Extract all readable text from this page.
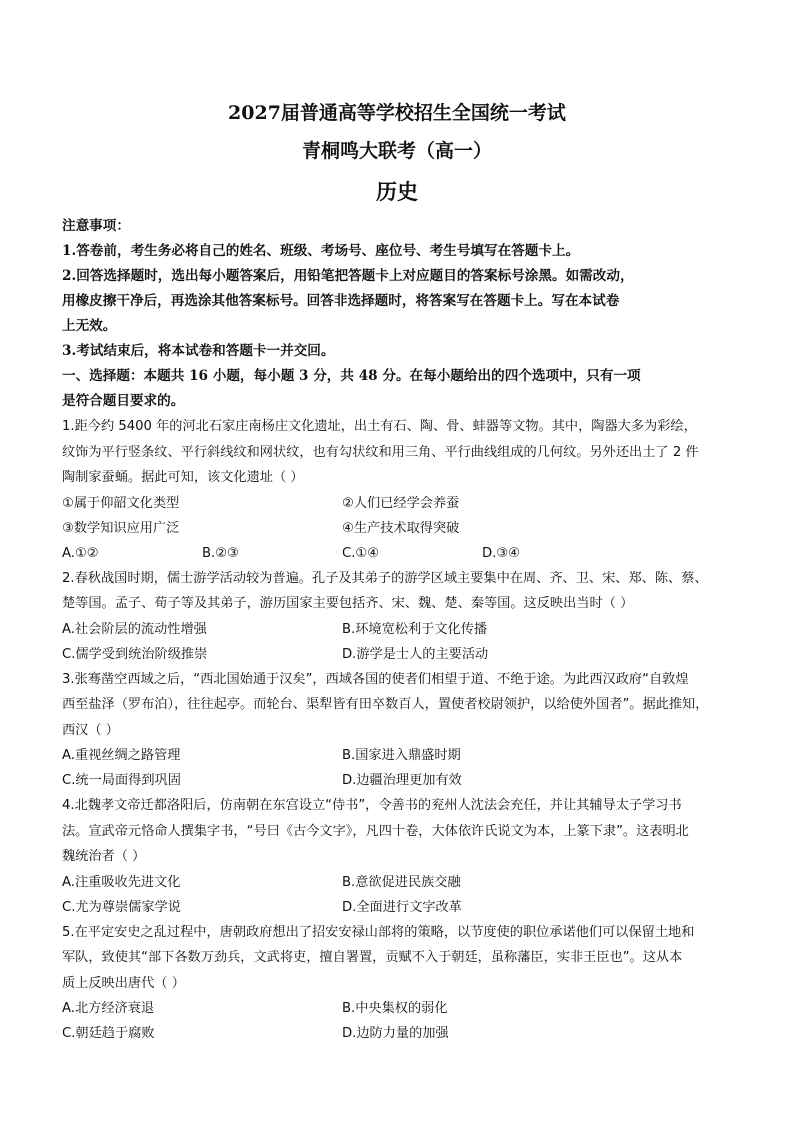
2027届普通高等学校招生全国统一考试
青桐鸣大联考（高一）
历史
注意事项：
1.答卷前，考生务必将自己的姓名、班级、考场号、座位号、考生号填写在答题卡上。
2.回答选择题时，选出每小题答案后，用铅笔把答题卡上对应题目的答案标号涂黑。如需改动，
用橡皮擦干净后，再选涂其他答案标号。回答非选择题时，将答案写在答题卡上。写在本试卷
上无效。
3.考试结束后，将本试卷和答题卡一并交回。
一、选择题：本题共 16 小题，每小题 3 分，共 48 分。在每小题给出的四个选项中，只有一项
是符合题目要求的。
1.距今约 5400 年的河北石家庄南杨庄文化遗址，出土有石、陶、骨、蚌器等文物。其中，陶器大多为彩绘，
纹饰为平行竖条纹、平行斜线纹和网状纹，也有勾状纹和用三角、平行曲线组成的几何纹。另外还出土了 2 件
陶制家蚕蛹。据此可知，该文化遗址（ ）
①属于仰韶文化类型	②人们已经学会养蚕
③数学知识应用广泛	④生产技术取得突破
A.①②	B.②③	C.①④	D.③④
2.春秋战国时期，儒士游学活动较为普遍。孔子及其弟子的游学区域主要集中在周、齐、卫、宋、郑、陈、蔡、
楚等国。孟子、荀子等及其弟子，游历国家主要包括齐、宋、魏、楚、秦等国。这反映出当时（ ）
A.社会阶层的流动性增强	B.环境宽松利于文化传播
C.儒学受到统治阶级推崇	D.游学是士人的主要活动
3.张骞凿空西域之后，“西北国始通于汉矣”，西域各国的使者们相望于道、不绝于途。为此西汉政府“自敦煌
西至盐泽（罗布泊），往往起亭。而轮台、渠犁皆有田卒数百人，置使者校尉领护，以给使外国者”。据此推知，
西汉（ ）
A.重视丝绸之路管理	B.国家进入鼎盛时期
C.统一局面得到巩固	D.边疆治理更加有效
4.北魏孝文帝迁都洛阳后，仿南朝在东宫设立“侍书”，令善书的兖州人沈法会充任，并让其辅导太子学习书
法。宣武帝元恪命人撰集字书，“号曰《古今文字》，凡四十卷，大体依许氏说文为本，上篆下隶”。这表明北
魏统治者（ ）
A.注重吸收先进文化	B.意欲促进民族交融
C.尤为尊崇儒家学说	D.全面进行文字改革
5.在平定安史之乱过程中，唐朝政府想出了招安安禄山部将的策略，以节度使的职位承诺他们可以保留土地和
军队，致使其“部下各数万劲兵，文武将吏，擅自署置，贡赋不入于朝廷，虽称藩臣，实非王臣也”。这从本
质上反映出唐代（ ）
A.北方经济衰退	B.中央集权的弱化
C.朝廷趋于腐败	D.边防力量的加强
